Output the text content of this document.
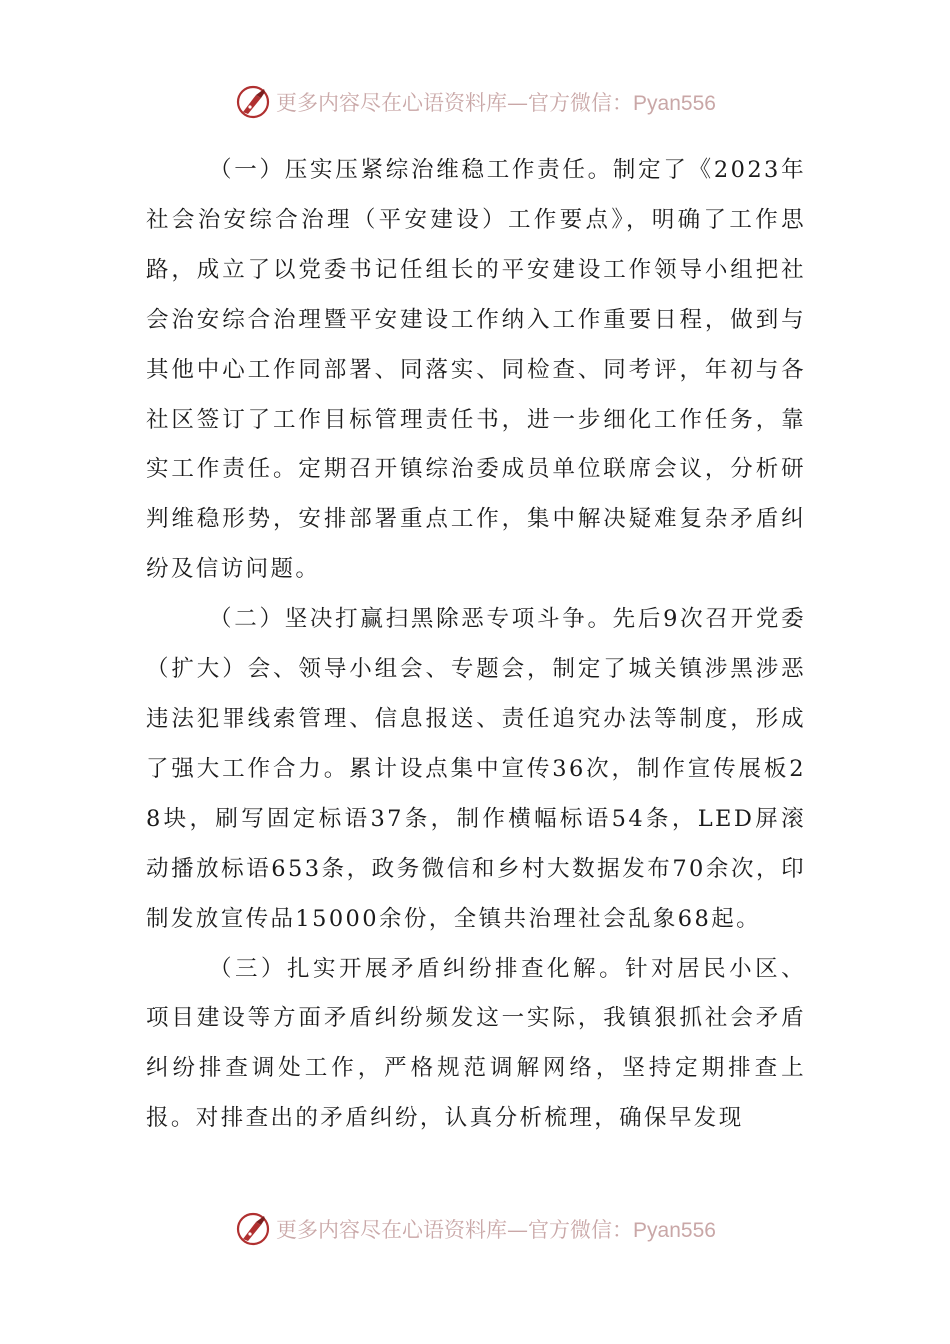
更多内容尽在心语资料库—官方微信：Pyan556

（一）压实压紧综治维稳工作责任。制定了《2023年社会治安综合治理（平安建设）工作要点》，明确了工作思路，成立了以党委书记任组长的平安建设工作领导小组把社会治安综合治理暨平安建设工作纳入工作重要日程，做到与其他中心工作同部署、同落实、同检查、同考评，年初与各社区签订了工作目标管理责任书，进一步细化工作任务，靠实工作责任。定期召开镇综治委成员单位联席会议，分析研判维稳形势，安排部署重点工作，集中解决疑难复杂矛盾纠纷及信访问题。

（二）坚决打赢扫黑除恶专项斗争。先后9次召开党委（扩大）会、领导小组会、专题会，制定了城关镇涉黑涉恶违法犯罪线索管理、信息报送、责任追究办法等制度，形成了强大工作合力。累计设点集中宣传36次，制作宣传展板28块，刷写固定标语37条，制作横幅标语54条，LED屏滚动播放标语653条，政务微信和乡村大数据发布70余次，印制发放宣传品15000余份，全镇共治理社会乱象68起。

（三）扎实开展矛盾纠纷排查化解。针对居民小区、项目建设等方面矛盾纠纷频发这一实际，我镇狠抓社会矛盾纠纷排查调处工作，严格规范调解网络，坚持定期排查上报。对排查出的矛盾纠纷，认真分析梳理，确保早发现

更多内容尽在心语资料库—官方微信：Pyan556
